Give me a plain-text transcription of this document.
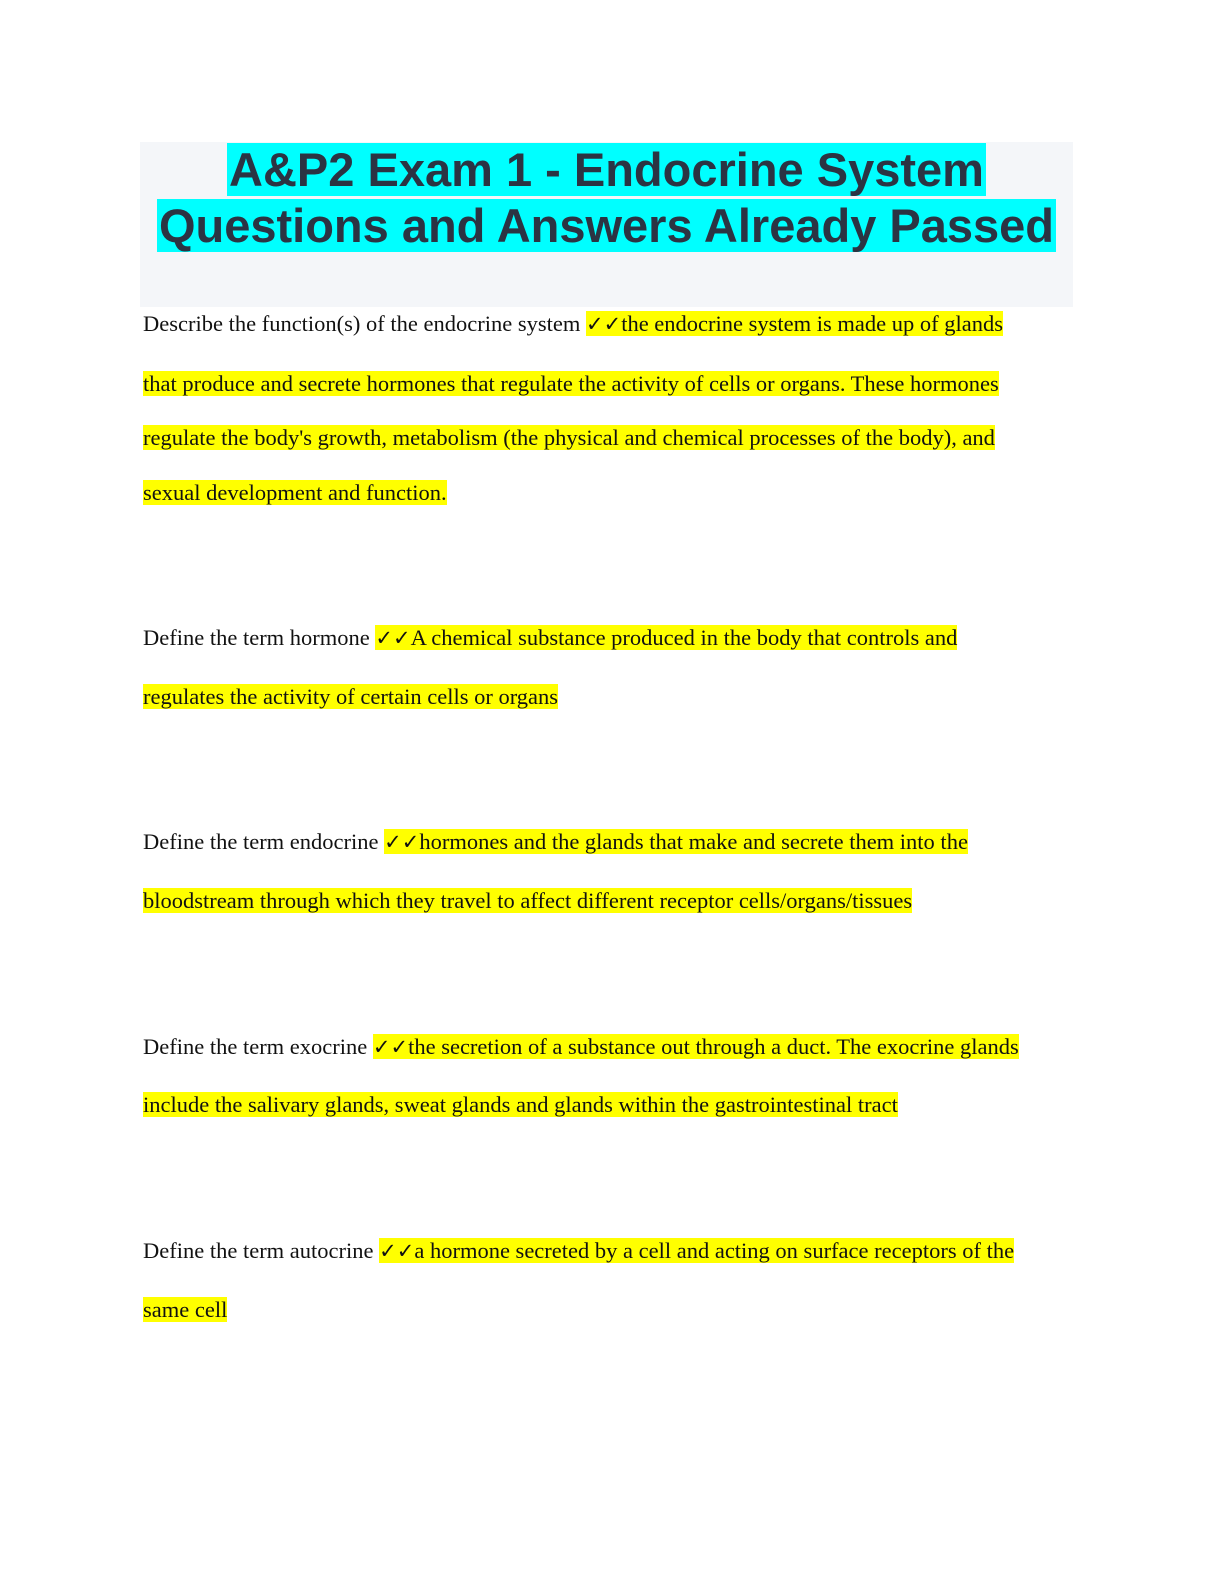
A&P2 Exam 1 - Endocrine System
Questions and Answers Already Passed
Describe the function(s) of the endocrine system ✓✓the endocrine system is made up of glands
that produce and secrete hormones that regulate the activity of cells or organs. These hormones
regulate the body's growth, metabolism (the physical and chemical processes of the body), and
sexual development and function.
Define the term hormone ✓✓A chemical substance produced in the body that controls and
regulates the activity of certain cells or organs
Define the term endocrine ✓✓hormones and the glands that make and secrete them into the
bloodstream through which they travel to affect different receptor cells/organs/tissues
Define the term exocrine ✓✓the secretion of a substance out through a duct. The exocrine glands
include the salivary glands, sweat glands and glands within the gastrointestinal tract
Define the term autocrine ✓✓a hormone secreted by a cell and acting on surface receptors of the
same cell
